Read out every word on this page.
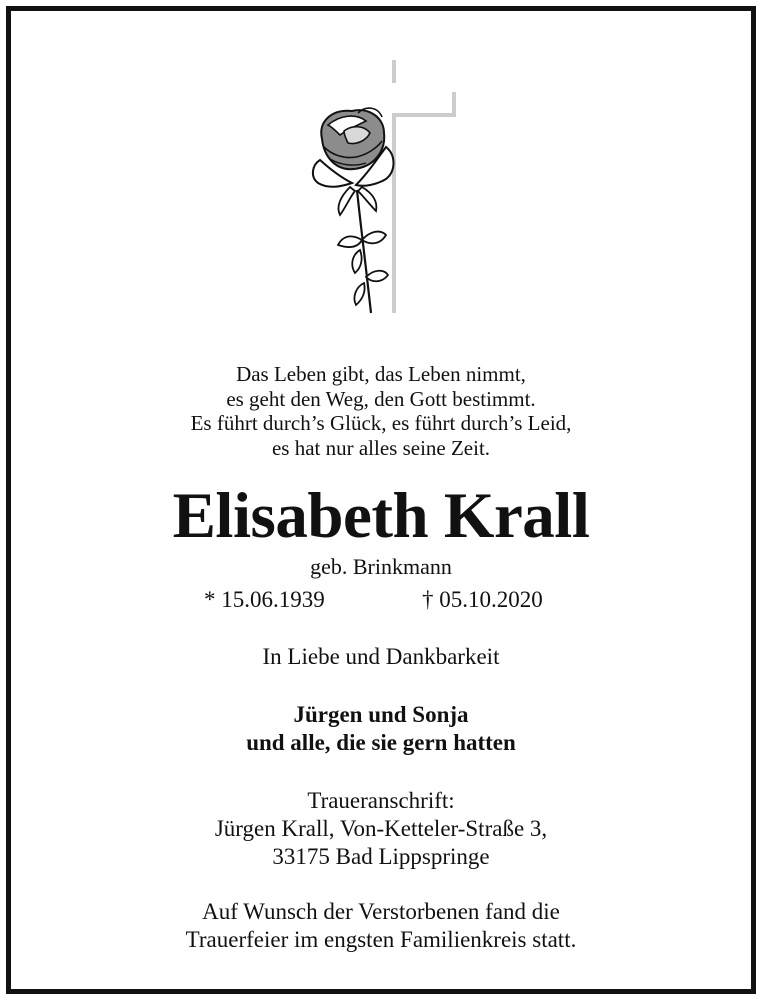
Das Leben gibt, das Leben nimmt,
es geht den Weg, den Gott bestimmt.
Es führt durch’s Glück, es führt durch’s Leid,
es hat nur alles seine Zeit.
Elisabeth Krall
geb. Brinkmann
* 15.06.1939	† 05.10.2020
In Liebe und Dankbarkeit
Jürgen und Sonja
und alle, die sie gern hatten
Traueranschrift:
Jürgen Krall, Von-Ketteler-Straße 3,
33175 Bad Lippspringe
Auf Wunsch der Verstorbenen fand die
Trauerfeier im engsten Familienkreis statt.
